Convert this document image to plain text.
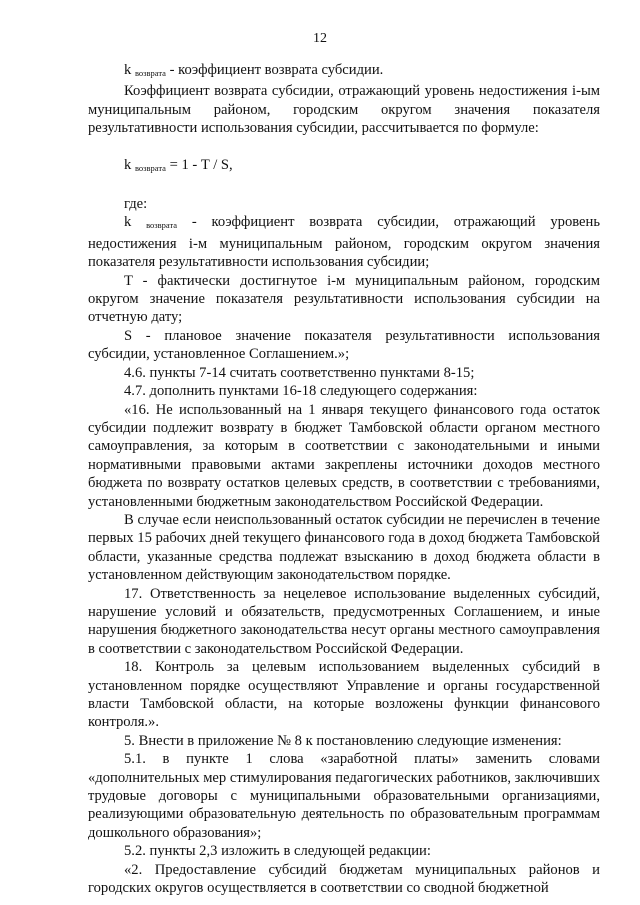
12

k $_{возврата}$ - коэффициент возврата субсидии.

Коэффициент возврата субсидии, отражающий уровень недостижения i-ым муниципальным районом, городским округом значения показателя результативности использования субсидии, рассчитывается по формуле:

k $_{возврата}$ = 1 - T / S,

где:

k $_{возврата}$ - коэффициент возврата субсидии, отражающий уровень недостижения i-м муниципальным районом, городским округом значения показателя результативности использования субсидии;

T - фактически достигнутое i-м муниципальным районом, городским округом значение показателя результативности использования субсидии на отчетную дату;

S - плановое значение показателя результативности использования субсидии, установленное Соглашением.»;

4.6. пункты 7-14 считать соответственно пунктами 8-15;

4.7. дополнить пунктами 16-18 следующего содержания:

«16. Не использованный на 1 января текущего финансового года остаток субсидии подлежит возврату в бюджет Тамбовской области органом местного самоуправления, за которым в соответствии с законодательными и иными нормативными правовыми актами закреплены источники доходов местного бюджета по возврату остатков целевых средств, в соответствии с требованиями, установленными бюджетным законодательством Российской Федерации.

В случае если неиспользованный остаток субсидии не перечислен в течение первых 15 рабочих дней текущего финансового года в доход бюджета Тамбовской области, указанные средства подлежат взысканию в доход бюджета области в установленном действующим законодательством порядке.

17. Ответственность за нецелевое использование выделенных субсидий, нарушение условий и обязательств, предусмотренных Соглашением, и иные нарушения бюджетного законодательства несут органы местного самоуправления в соответствии с законодательством Российской Федерации.

18. Контроль за целевым использованием выделенных субсидий в установленном порядке осуществляют Управление и органы государственной власти Тамбовской области, на которые возложены функции финансового контроля.».

5. Внести в приложение № 8 к постановлению следующие изменения:

5.1. в пункте 1 слова «заработной платы» заменить словами «дополнительных мер стимулирования педагогических работников, заключивших трудовые договоры с муниципальными образовательными организациями, реализующими образовательную деятельность по образовательным программам дошкольного образования»;

5.2. пункты 2,3 изложить в следующей редакции:

«2. Предоставление субсидий бюджетам муниципальных районов и городских округов осуществляется в соответствии со сводной бюджетной
